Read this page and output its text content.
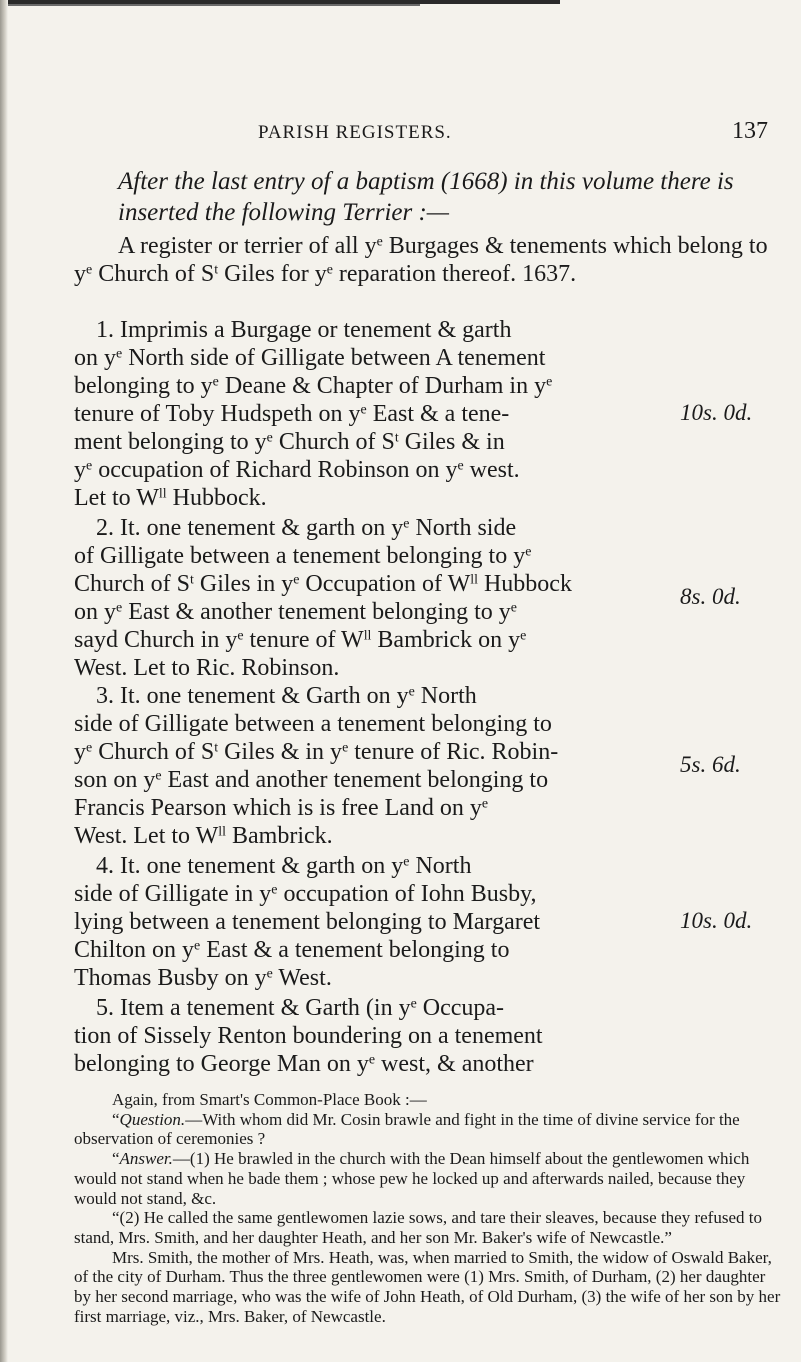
PARISH REGISTERS.	137
After the last entry of a baptism (1668) in this volume there is inserted the following Terrier :—

A register or terrier of all $y^e$ Burgages & tenements which belong to $y^e$ Church of $S^t$ Giles for $y^e$ reparation thereof. 1637.

1. Imprimis a Burgage or tenement & garth
on $y^e$ North side of Gilligate between A tenement
belonging to $y^e$ Deane & Chapter of Durham in $y^e$
tenure of Toby Hudspeth on $y^e$ East & a tene-
ment belonging to $y^e$ Church of $S^t$ Giles & in
$y^e$ occupation of Richard Robinson on $y^e$ west.
Let to $W^{ll}$ Hubbock.

10s. 0d.

2. It. one tenement & garth on $y^e$ North side
of Gilligate between a tenement belonging to $y^e$
Church of $S^t$ Giles in $y^e$ Occupation of $W^{ll}$ Hubbock
on $y^e$ East & another tenement belonging to $y^e$
sayd Church in $y^e$ tenure of $W^{ll}$ Bambrick on $y^e$
West. Let to Ric. Robinson.

8s. 0d.

3. It. one tenement & Garth on $y^e$ North
side of Gilligate between a tenement belonging to
$y^e$ Church of $S^t$ Giles & in $y^e$ tenure of Ric. Robin-
son on $y^e$ East and another tenement belonging to
Francis Pearson which is is free Land on $y^e$
West. Let to $W^{ll}$ Bambrick.

5s. 6d.

4. It. one tenement & garth on $y^e$ North
side of Gilligate in $y^e$ occupation of Iohn Busby,
lying between a tenement belonging to Margaret
Chilton on $y^e$ East & a tenement belonging to
Thomas Busby on $y^e$ West.

10s. 0d.

5. Item a tenement & Garth (in $y^e$ Occupa-
tion of Sissely Renton boundering on a tenement
belonging to George Man on $y^e$ west, & another

Again, from Smart's Common-Place Book :—

“Question.—With whom did Mr. Cosin brawle and fight in the time of divine service for the observation of ceremonies ?

“Answer.—(1) He brawled in the church with the Dean himself about the gentlewomen which would not stand when he bade them ; whose pew he locked up and afterwards nailed, because they would not stand, &c.

“(2) He called the same gentlewomen lazie sows, and tare their sleaves, because they refused to stand, Mrs. Smith, and her daughter Heath, and her son Mr. Baker's wife of Newcastle.”

Mrs. Smith, the mother of Mrs. Heath, was, when married to Smith, the widow of Oswald Baker, of the city of Durham. Thus the three gentlewomen were (1) Mrs. Smith, of Durham, (2) her daughter by her second marriage, who was the wife of John Heath, of Old Durham, (3) the wife of her son by her first marriage, viz., Mrs. Baker, of Newcastle.
